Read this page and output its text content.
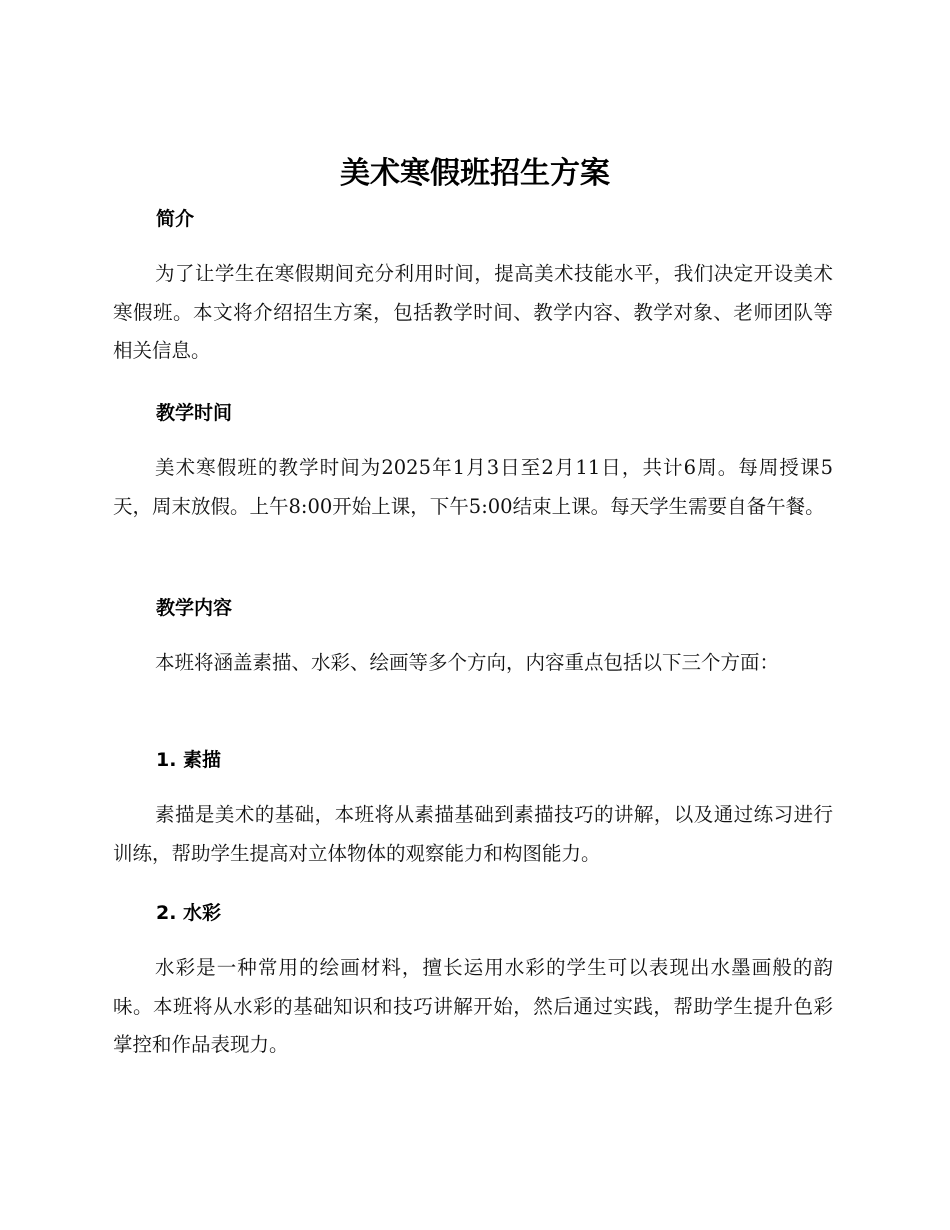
美术寒假班招生方案
简介

为了让学生在寒假期间充分利用时间，提高美术技能水平，我们决定开设美术寒假班。本文将介绍招生方案，包括教学时间、教学内容、教学对象、老师团队等相关信息。

教学时间

美术寒假班的教学时间为2025年1月3日至2月11日，共计6周。每周授课5天，周末放假。上午8:00开始上课，下午5:00结束上课。每天学生需要自备午餐。

教学内容

本班将涵盖素描、水彩、绘画等多个方向，内容重点包括以下三个方面：

1. 素描

素描是美术的基础，本班将从素描基础到素描技巧的讲解，以及通过练习进行训练，帮助学生提高对立体物体的观察能力和构图能力。

2. 水彩

水彩是一种常用的绘画材料，擅长运用水彩的学生可以表现出水墨画般的韵味。本班将从水彩的基础知识和技巧讲解开始，然后通过实践，帮助学生提升色彩掌控和作品表现力。
